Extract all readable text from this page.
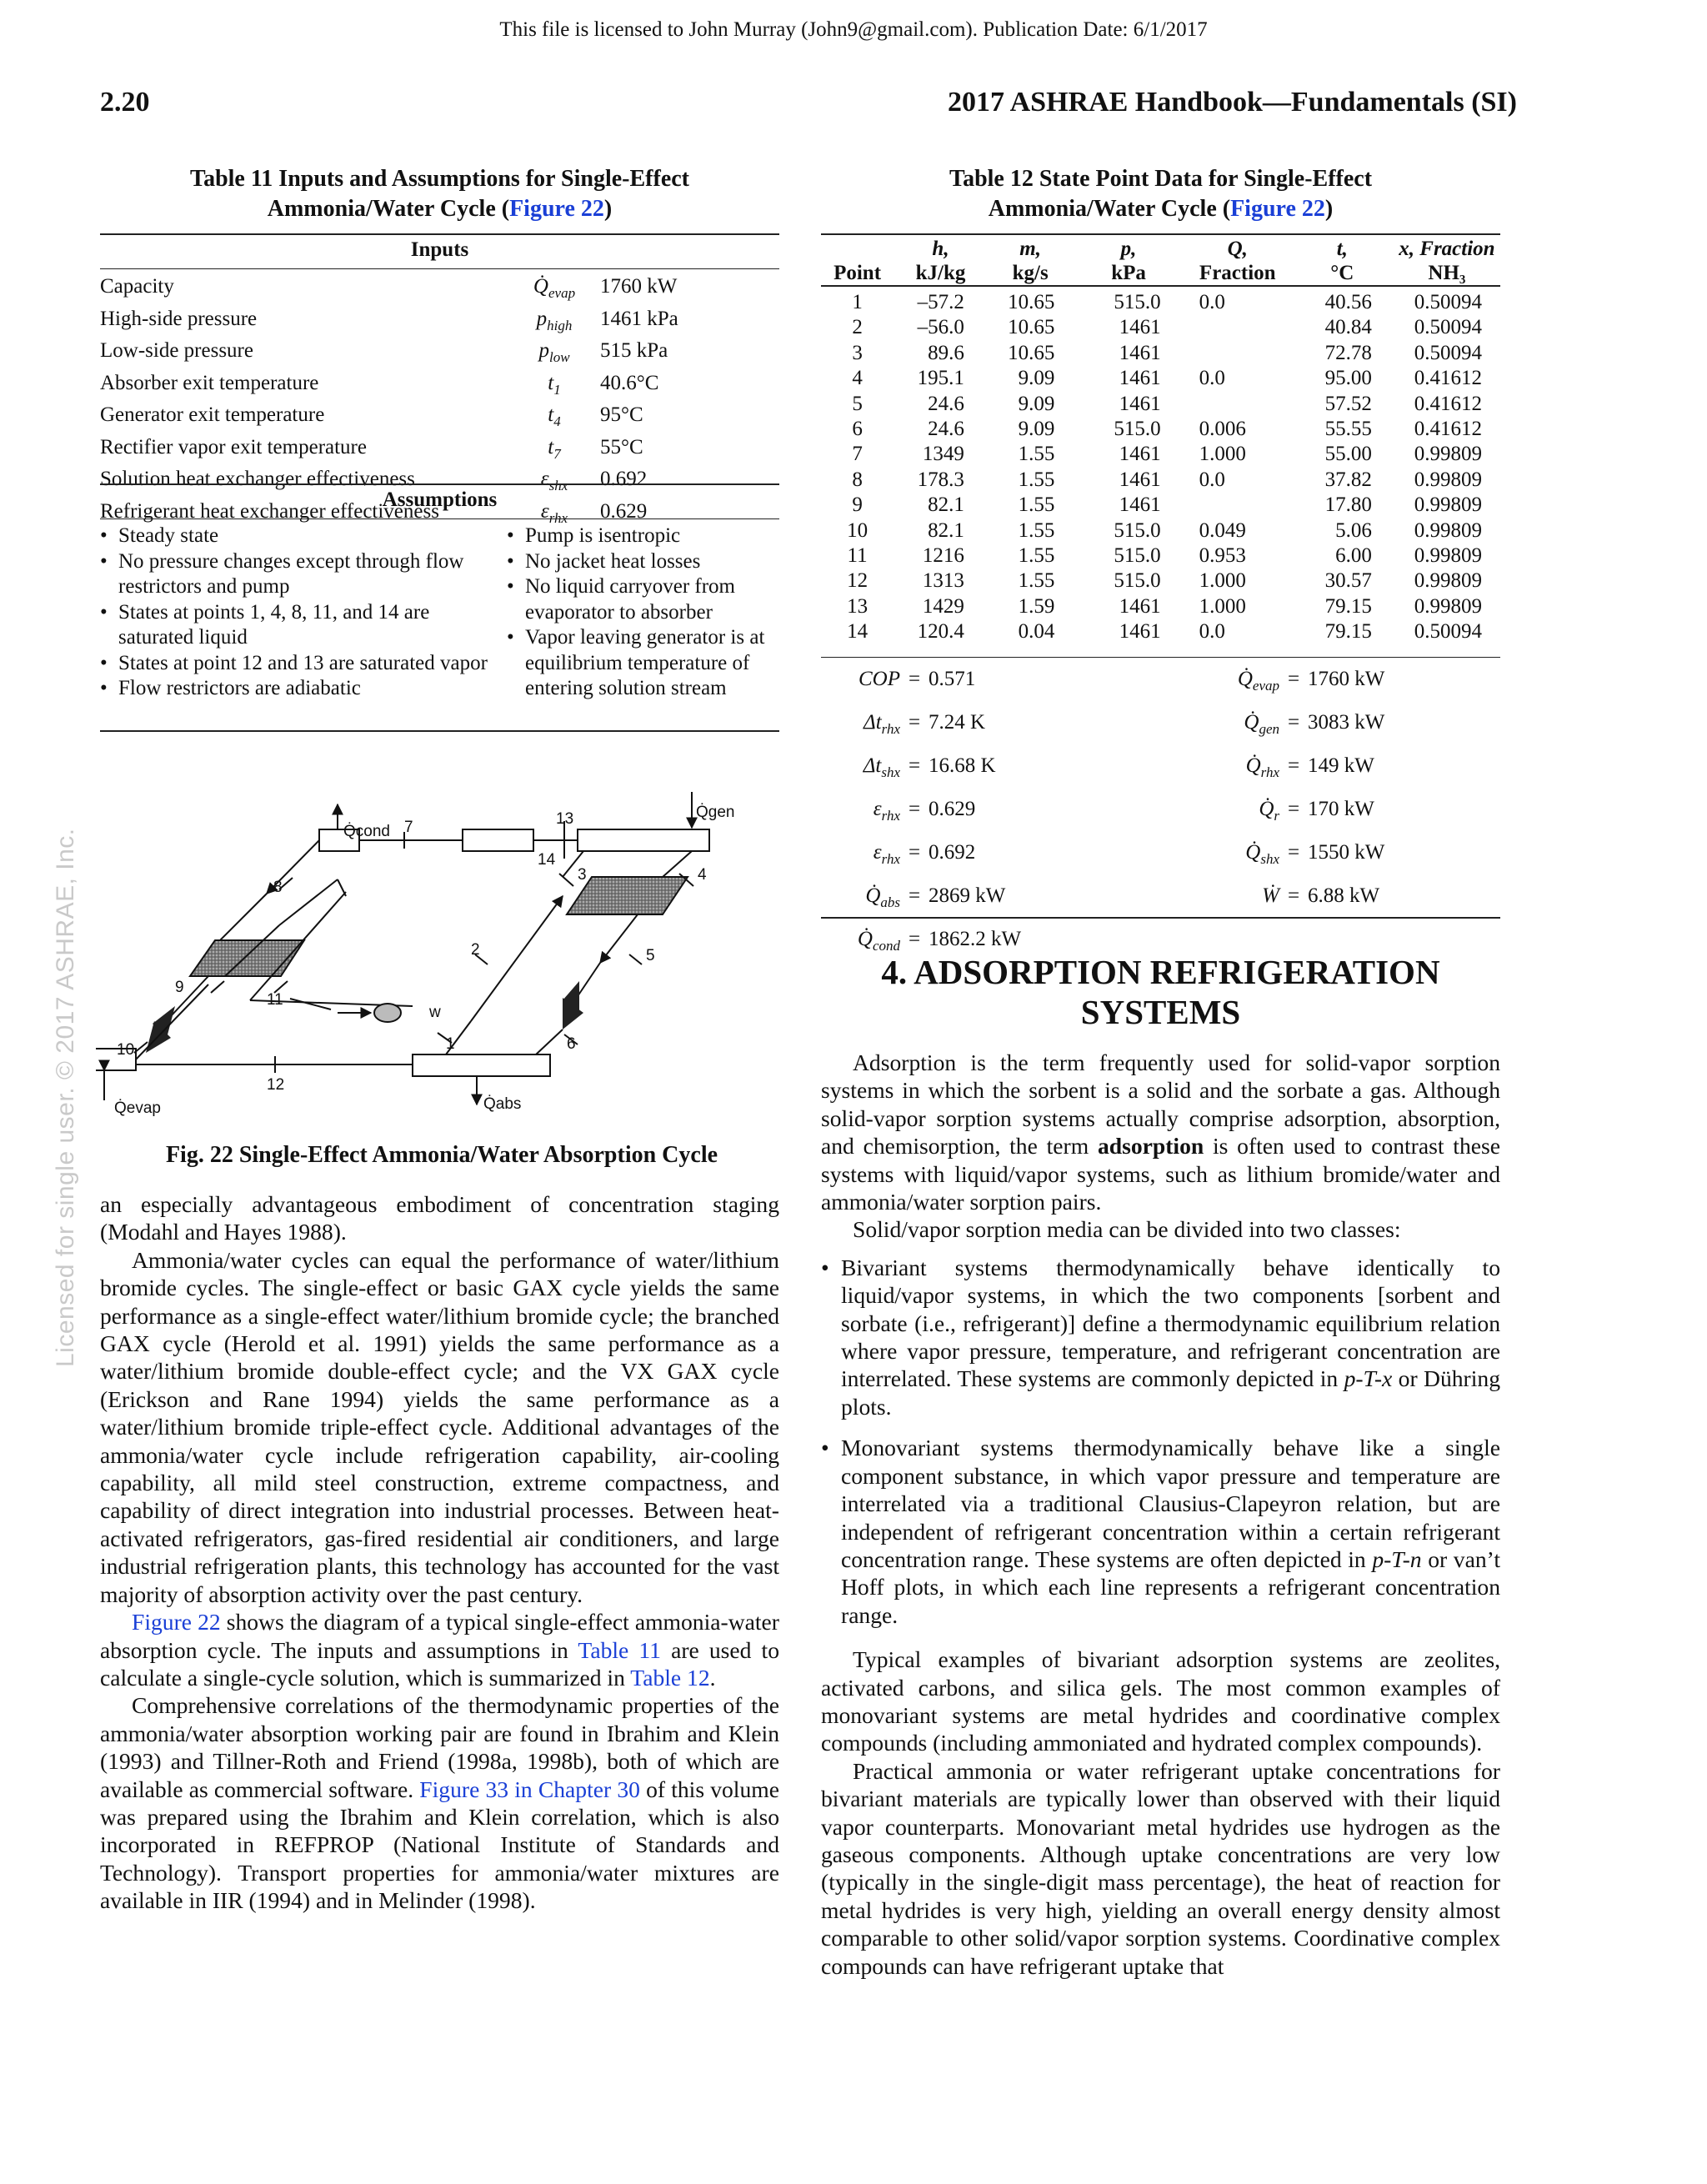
This file is licensed to John Murray (John9@gmail.com). Publication Date: 6/1/2017
2.20	2017 ASHRAE Handbook—Fundamentals (SI)
Licensed for single user. © 2017 ASHRAE, Inc.
Table 11 Inputs and Assumptions for Single-Effect
Ammonia/Water Cycle (Figure 22)
Inputs
Capacity	$Q̇_{evap}$	1760 kW
High-side pressure	$p_{high}$	1461 kPa
Low-side pressure	$p_{low}$	515 kPa
Absorber exit temperature	$t_1$	40.6°C
Generator exit temperature	$t_4$	95°C
Rectifier vapor exit temperature	$t_7$	55°C
Solution heat exchanger effectiveness	$\varepsilon_{shx}$	0.692
Refrigerant heat exchanger effectiveness	$\varepsilon_{rhx}$	0.629
Assumptions
• Steady state
• No pressure changes except through flow restrictors and pump
• States at points 1, 4, 8, 11, and 14 are saturated liquid
• States at point 12 and 13 are saturated vapor
• Flow restrictors are adiabatic
• Pump is isentropic
• No jacket heat losses
• No liquid carryover from evaporator to absorber
• Vapor leaving generator is at equilibrium temperature of entering solution stream
Q̇cond 7	13	Q̇gen
14
3	4
8
2	5
9
11
w
1	6
10
12
Q̇evap	Q̇abs
Fig. 22 Single-Effect Ammonia/Water Absorption Cycle

an especially advantageous embodiment of concentration staging (Modahl and Hayes 1988).

Ammonia/water cycles can equal the performance of water/lithium bromide cycles. The single-effect or basic GAX cycle yields the same performance as a single-effect water/lithium bromide cycle; the branched GAX cycle (Herold et al. 1991) yields the same performance as a water/lithium bromide double-effect cycle; and the VX GAX cycle (Erickson and Rane 1994) yields the same performance as a water/lithium bromide triple-effect cycle. Additional advantages of the ammonia/water cycle include refrigeration capability, air-cooling capability, all mild steel construction, extreme compactness, and capability of direct integration into industrial processes. Between heat-activated refrigerators, gas-fired residential air conditioners, and large industrial refrigeration plants, this technology has accounted for the vast majority of absorption activity over the past century.

Figure 22 shows the diagram of a typical single-effect ammonia-water absorption cycle. The inputs and assumptions in Table 11 are used to calculate a single-cycle solution, which is summarized in Table 12.

Comprehensive correlations of the thermodynamic properties of the ammonia/water absorption working pair are found in Ibrahim and Klein (1993) and Tillner-Roth and Friend (1998a, 1998b), both of which are available as commercial software. Figure 33 in Chapter 30 of this volume was prepared using the Ibrahim and Klein correlation, which is also incorporated in REFPROP (National Institute of Standards and Technology). Transport properties for ammonia/water mixtures are available in IIR (1994) and in Melinder (1998).

Table 12 State Point Data for Single-Effect
Ammonia/Water Cycle (Figure 22)
	h,	m,	p,	Q,	t,	x, Fraction
Point	kJ/kg	kg/s	kPa	Fraction	°C	NH₃
1	–57.2	10.65	515.0	0.0	40.56	0.50094
2	–56.0	10.65	1461		40.84	0.50094
3	89.6	10.65	1461		72.78	0.50094
4	195.1	9.09	1461	0.0	95.00	0.41612
5	24.6	9.09	1461		57.52	0.41612
6	24.6	9.09	515.0	0.006	55.55	0.41612
7	1349	1.55	1461	1.000	55.00	0.99809
8	178.3	1.55	1461	0.0	37.82	0.99809
9	82.1	1.55	1461		17.80	0.99809
10	82.1	1.55	515.0	0.049	5.06	0.99809
11	1216	1.55	515.0	0.953	6.00	0.99809
12	1313	1.55	515.0	1.000	30.57	0.99809
13	1429	1.59	1461	1.000	79.15	0.99809
14	120.4	0.04	1461	0.0	79.15	0.50094
COP = 0.571
$\Delta t_{rhx} = 7.24$ K
$\Delta t_{shx} = 16.68$ K
$\varepsilon_{rhx} = 0.629$
$\varepsilon_{rhx} = 0.692$
$Q̇_{abs} = 2869$ kW
$Q̇_{cond} = 1862.2$ kW
$Q̇_{evap} = 1760$ kW
$Q̇_{gen} = 3083$ kW
$Q̇_{rhx} = 149$ kW
$Q̇_r = 170$ kW
$Q̇_{shx} = 1550$ kW
Ẇ = 6.88 kW
4. ADSORPTION REFRIGERATION
SYSTEMS

Adsorption is the term frequently used for solid-vapor sorption systems in which the sorbent is a solid and the sorbate a gas. Although solid-vapor sorption systems actually comprise adsorption, absorption, and chemisorption, the term adsorption is often used to contrast these systems with liquid/vapor systems, such as lithium bromide/water and ammonia/water sorption pairs.

Solid/vapor sorption media can be divided into two classes:

• Bivariant systems thermodynamically behave identically to liquid/vapor systems, in which the two components [sorbent and sorbate (i.e., refrigerant)] define a thermodynamic equilibrium relation where vapor pressure, temperature, and refrigerant concentration are interrelated. These systems are commonly depicted in p-T-x or Dühring plots.
• Monovariant systems thermodynamically behave like a single component substance, in which vapor pressure and temperature are interrelated via a traditional Clausius-Clapeyron relation, but are independent of refrigerant concentration within a certain refrigerant concentration range. These systems are often depicted in p-T-n or van’t Hoff plots, in which each line represents a refrigerant concentration range.

Typical examples of bivariant adsorption systems are zeolites, activated carbons, and silica gels. The most common examples of monovariant systems are metal hydrides and coordinative complex compounds (including ammoniated and hydrated complex compounds).

Practical ammonia or water refrigerant uptake concentrations for bivariant materials are typically lower than observed with their liquid vapor counterparts. Monovariant metal hydrides use hydrogen as the gaseous components. Although uptake concentrations are very low (typically in the single-digit mass percentage), the heat of reaction for metal hydrides is very high, yielding an overall energy density almost comparable to other solid/vapor sorption systems. Coordinative complex compounds can have refrigerant uptake that
